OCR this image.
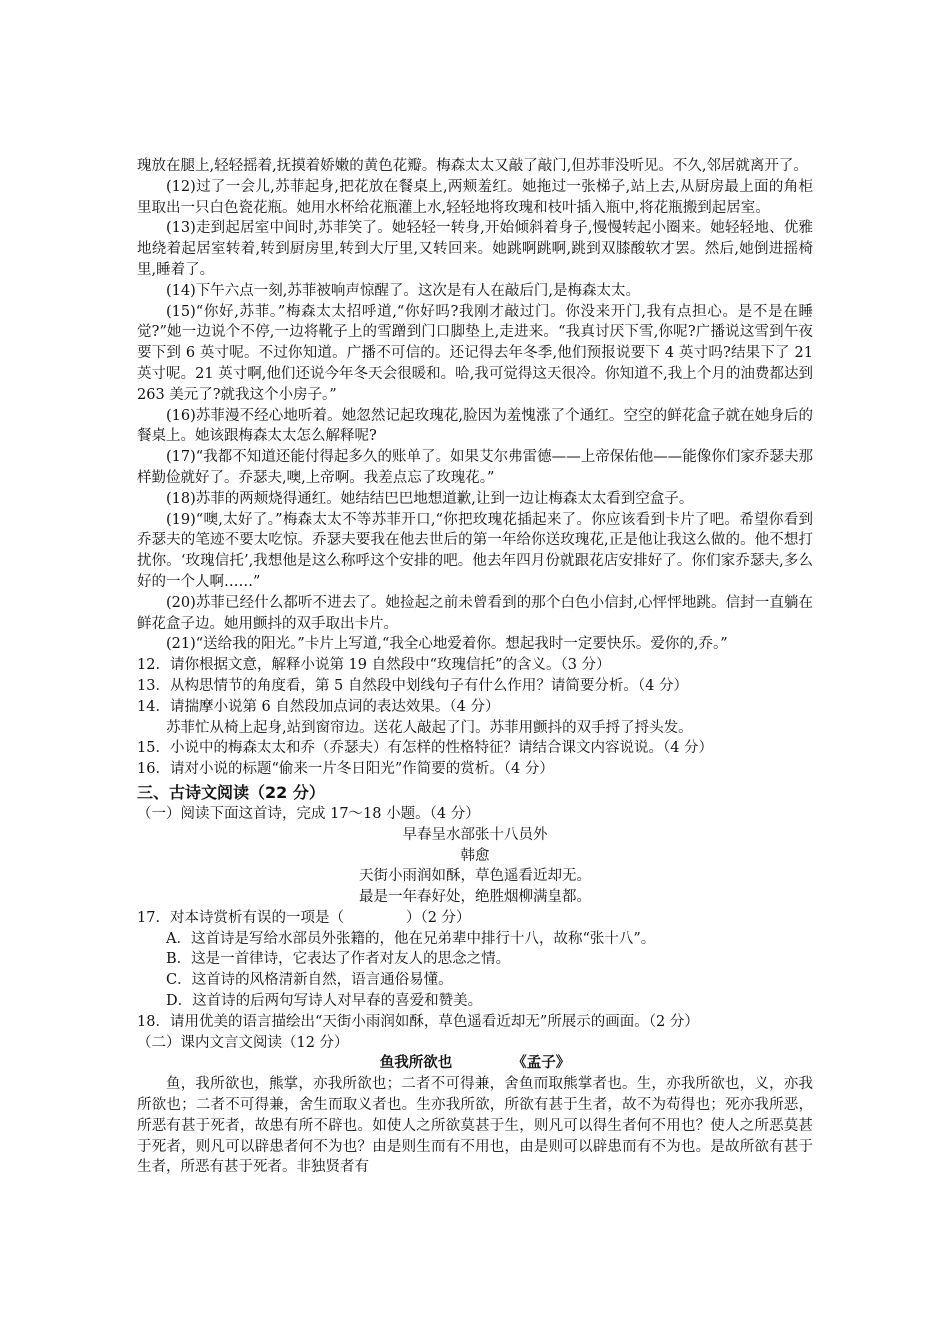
瑰放在腿上,轻轻摇着,抚摸着娇嫩的黄色花瓣。梅森太太又敲了敲门,但苏菲没听见。不久,邻居就离开了。

(12)过了一会儿,苏菲起身,把花放在餐桌上,两颊羞红。她拖过一张梯子,站上去,从厨房最上面的角柜里取出一只白色瓷花瓶。她用水杯给花瓶灌上水,轻轻地将玫瑰和枝叶插入瓶中,将花瓶搬到起居室。

(13)走到起居室中间时,苏菲笑了。她轻轻一转身,开始倾斜着身子,慢慢转起小圈来。她轻轻地、优雅地绕着起居室转着,转到厨房里,转到大厅里,又转回来。她跳啊跳啊,跳到双膝酸软才罢。然后,她倒进摇椅里,睡着了。

(14)下午六点一刻,苏菲被响声惊醒了。这次是有人在敲后门,是梅森太太。

(15)“你好,苏菲。”梅森太太招呼道,“你好吗?我刚才敲过门。你没来开门,我有点担心。是不是在睡觉?”她一边说个不停,一边将靴子上的雪蹭到门口脚垫上,走进来。“我真讨厌下雪,你呢?广播说这雪到午夜要下到 6 英寸呢。不过你知道。广播不可信的。还记得去年冬季,他们预报说要下 4 英寸吗?结果下了 21 英寸呢。21 英寸啊,他们还说今年冬天会很暖和。哈,我可觉得这天很冷。你知道不,我上个月的油费都达到 263 美元了?就我这个小房子。”

(16)苏菲漫不经心地听着。她忽然记起玫瑰花,脸因为羞愧涨了个通红。空空的鲜花盒子就在她身后的餐桌上。她该跟梅森太太怎么解释呢?

(17)“我都不知道还能付得起多久的账单了。如果艾尔弗雷德——上帝保佑他——能像你们家乔瑟夫那样勤俭就好了。乔瑟夫,噢,上帝啊。我差点忘了玫瑰花。”

(18)苏菲的两颊烧得通红。她结结巴巴地想道歉,让到一边让梅森太太看到空盒子。

(19)“噢,太好了。”梅森太太不等苏菲开口,“你把玫瑰花插起来了。你应该看到卡片了吧。希望你看到乔瑟夫的笔迹不要太吃惊。乔瑟夫要我在他去世后的第一年给你送玫瑰花,正是他让我这么做的。他不想打扰你。‘玫瑰信托’,我想他是这么称呼这个安排的吧。他去年四月份就跟花店安排好了。你们家乔瑟夫,多么好的一个人啊……”

(20)苏菲已经什么都听不进去了。她捡起之前未曾看到的那个白色小信封,心怦怦地跳。信封一直躺在鲜花盒子边。她用颤抖的双手取出卡片。

(21)“送给我的阳光。”卡片上写道,“我全心地爱着你。想起我时一定要快乐。爱你的,乔。”

12．请你根据文意，解释小说第 19 自然段中“玫瑰信托”的含义。（3 分）

13．从构思情节的角度看，第 5 自然段中划线句子有什么作用？请简要分析。（4 分）

14．请揣摩小说第 6 自然段加点词的表达效果。（4 分）

苏菲忙从椅上起身,站到窗帘边。送花人敲起了门。苏菲用颤抖的双手捋了捋头发。

15．小说中的梅森太太和乔（乔瑟夫）有怎样的性格特征？请结合课文内容说说。（4 分）

16．请对小说的标题“偷来一片冬日阳光”作简要的赏析。（4 分）

三、古诗文阅读（22 分）

（一）阅读下面这首诗，完成 17～18 小题。（4 分）

早春呈水部张十八员外

韩愈

天街小雨润如酥，草色遥看近却无。

最是一年春好处，绝胜烟柳满皇都。

17．对本诗赏析有误的一项是（	）（2 分）

A．这首诗是写给水部员外张籍的，他在兄弟辈中排行十八，故称“张十八”。

B．这是一首律诗，它表达了作者对友人的思念之情。

C．这首诗的风格清新自然，语言通俗易懂。

D．这首诗的后两句写诗人对早春的喜爱和赞美。

18．请用优美的语言描绘出“天街小雨润如酥，草色遥看近却无”所展示的画面。（2 分）

（二）课内文言文阅读（12 分）

鱼我所欲也	《孟子》

鱼，我所欲也，熊掌，亦我所欲也；二者不可得兼，舍鱼而取熊掌者也。生，亦我所欲也，义，亦我所欲也；二者不可得兼，舍生而取义者也。生亦我所欲，所欲有甚于生者，故不为苟得也；死亦我所恶，所恶有甚于死者，故患有所不辟也。如使人之所欲莫甚于生，则凡可以得生者何不用也？使人之所恶莫甚于死者，则凡可以辟患者何不为也？由是则生而有不用也，由是则可以辟患而有不为也。是故所欲有甚于生者，所恶有甚于死者。非独贤者有
